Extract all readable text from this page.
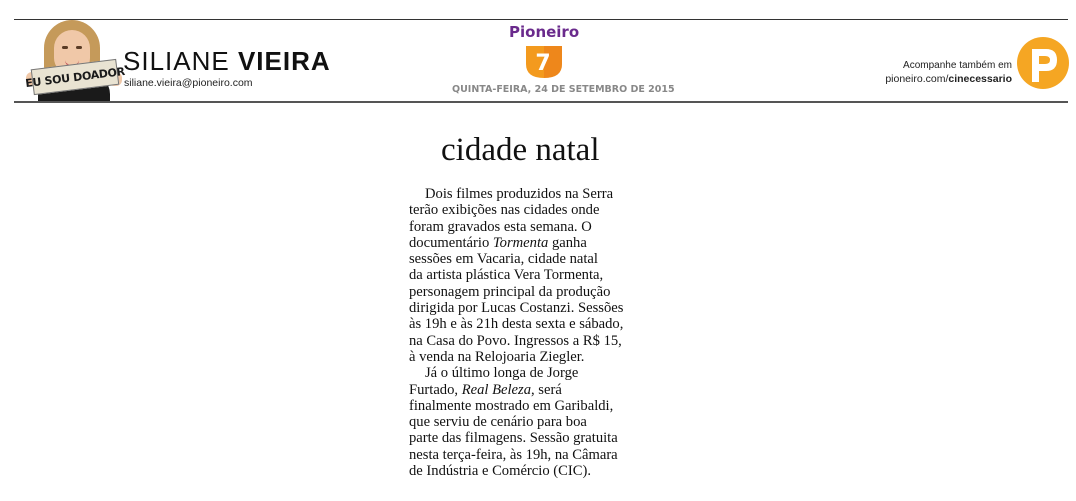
EU SOU DOADOR
SILIANE VIEIRA
siliane.vieira@pioneiro.com
Pioneiro
7
QUINTA-FEIRA, 24 DE SETEMBRO DE 2015
Acompanhe também em
pioneiro.com/cinecessario
cidade natal
Dois filmes produzidos na Serra
terão exibições nas cidades onde
foram gravados esta semana. O
documentário Tormenta ganha
sessões em Vacaria, cidade natal
da artista plástica Vera Tormenta,
personagem principal da produção
dirigida por Lucas Costanzi. Sessões
às 19h e às 21h desta sexta e sábado,
na Casa do Povo. Ingressos a R$ 15,
à venda na Relojoaria Ziegler.
Já o último longa de Jorge
Furtado, Real Beleza, será
finalmente mostrado em Garibaldi,
que serviu de cenário para boa
parte das filmagens. Sessão gratuita
nesta terça-feira, às 19h, na Câmara
de Indústria e Comércio (CIC).
